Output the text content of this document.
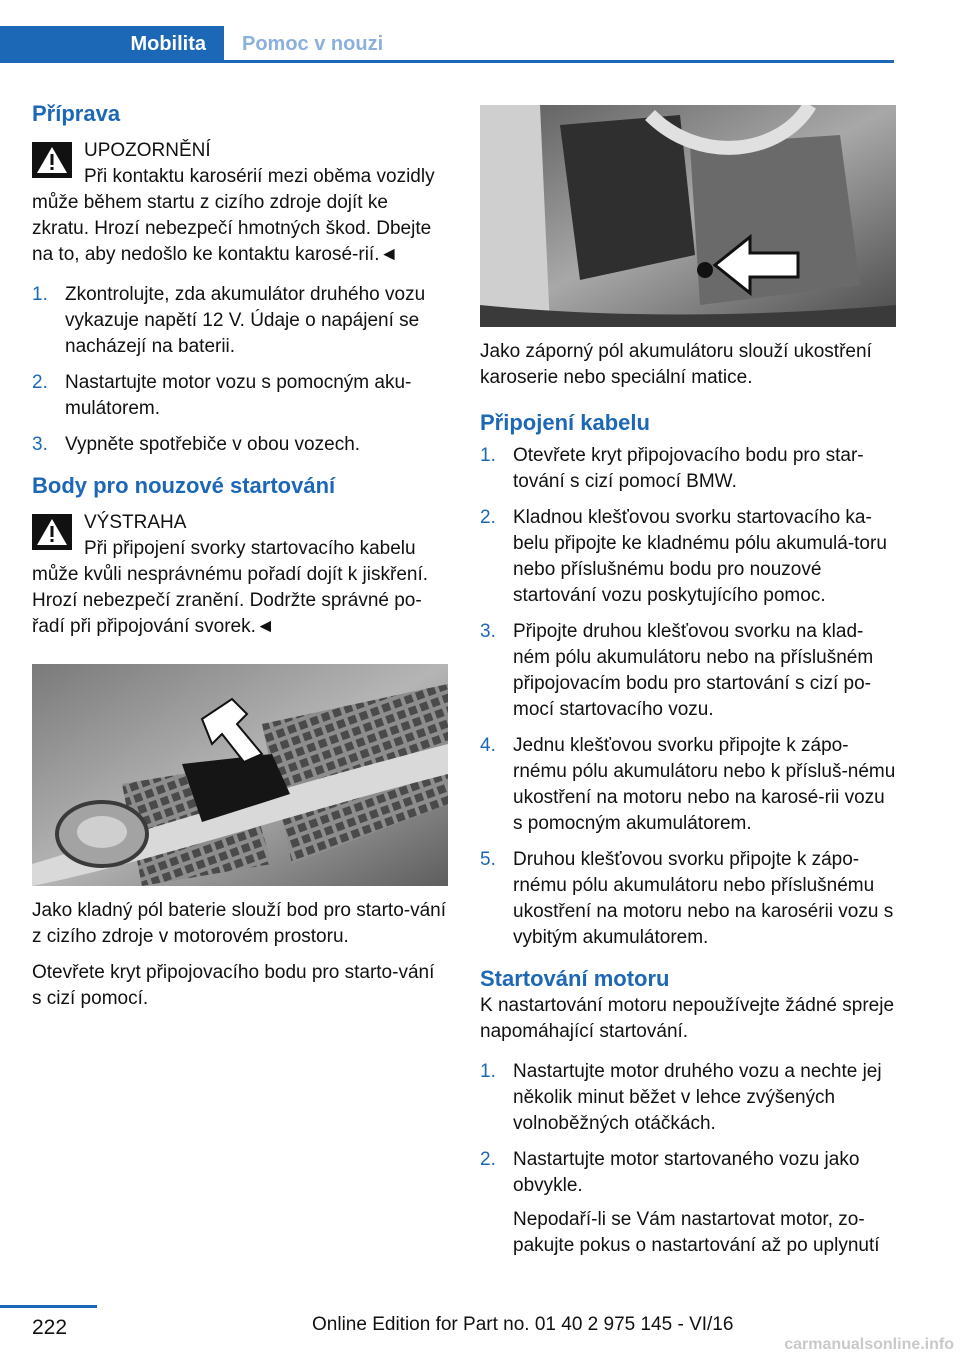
Mobilita	Pomoc v nouzi
Příprava
UPOZORNĚNÍ
Při kontaktu karosérií mezi oběma vozidly
může během startu z cizího zdroje dojít ke zkratu. Hrozí nebezpečí hmotných škod. Dbejte na to, aby nedošlo ke kontaktu karosé-rií.◄
1. Zkontrolujte, zda akumulátor druhého vozu vykazuje napětí 12 V. Údaje o napájení se nacházejí na baterii.
2. Nastartujte motor vozu s pomocným aku-mulátorem.
3. Vypněte spotřebiče v obou vozech.
Body pro nouzové startování
VÝSTRAHA
Při připojení svorky startovacího kabelu
může kvůli nesprávnému pořadí dojít k jiskření. Hrozí nebezpečí zranění. Dodržte správné po-řadí při připojování svorek.◄

Jako kladný pól baterie slouží bod pro starto-vání z cizího zdroje v motorovém prostoru.

Otevřete kryt připojovacího bodu pro starto-vání s cizí pomocí.

Jako záporný pól akumulátoru slouží ukostření karoserie nebo speciální matice.

Připojení kabelu
1. Otevřete kryt připojovacího bodu pro star-tování s cizí pomocí BMW.
2. Kladnou klešťovou svorku startovacího ka-belu připojte ke kladnému pólu akumulá-toru nebo příslušnému bodu pro nouzové startování vozu poskytujícího pomoc.
3. Připojte druhou klešťovou svorku na klad-ném pólu akumulátoru nebo na příslušném připojovacím bodu pro startování s cizí po-mocí startovacího vozu.
4. Jednu klešťovou svorku připojte k zápo-rnému pólu akumulátoru nebo k přísluš-nému ukostření na motoru nebo na karosé-rii vozu s pomocným akumulátorem.
5. Druhou klešťovou svorku připojte k zápo-rnému pólu akumulátoru nebo příslušnému ukostření na motoru nebo na karosérii vozu s vybitým akumulátorem.
Startování motoru

K nastartování motoru nepoužívejte žádné spreje napomáhající startování.

1. Nastartujte motor druhého vozu a nechte jej několik minut běžet v lehce zvýšených volnoběžných otáčkách.
2. Nastartujte motor startovaného vozu jako obvykle.
Nepodaří-li se Vám nastartovat motor, zo-pakujte pokus o nastartování až po uplynutí
222	Online Edition for Part no. 01 40 2 975 145 - VI/16
carmanualsonline.info
